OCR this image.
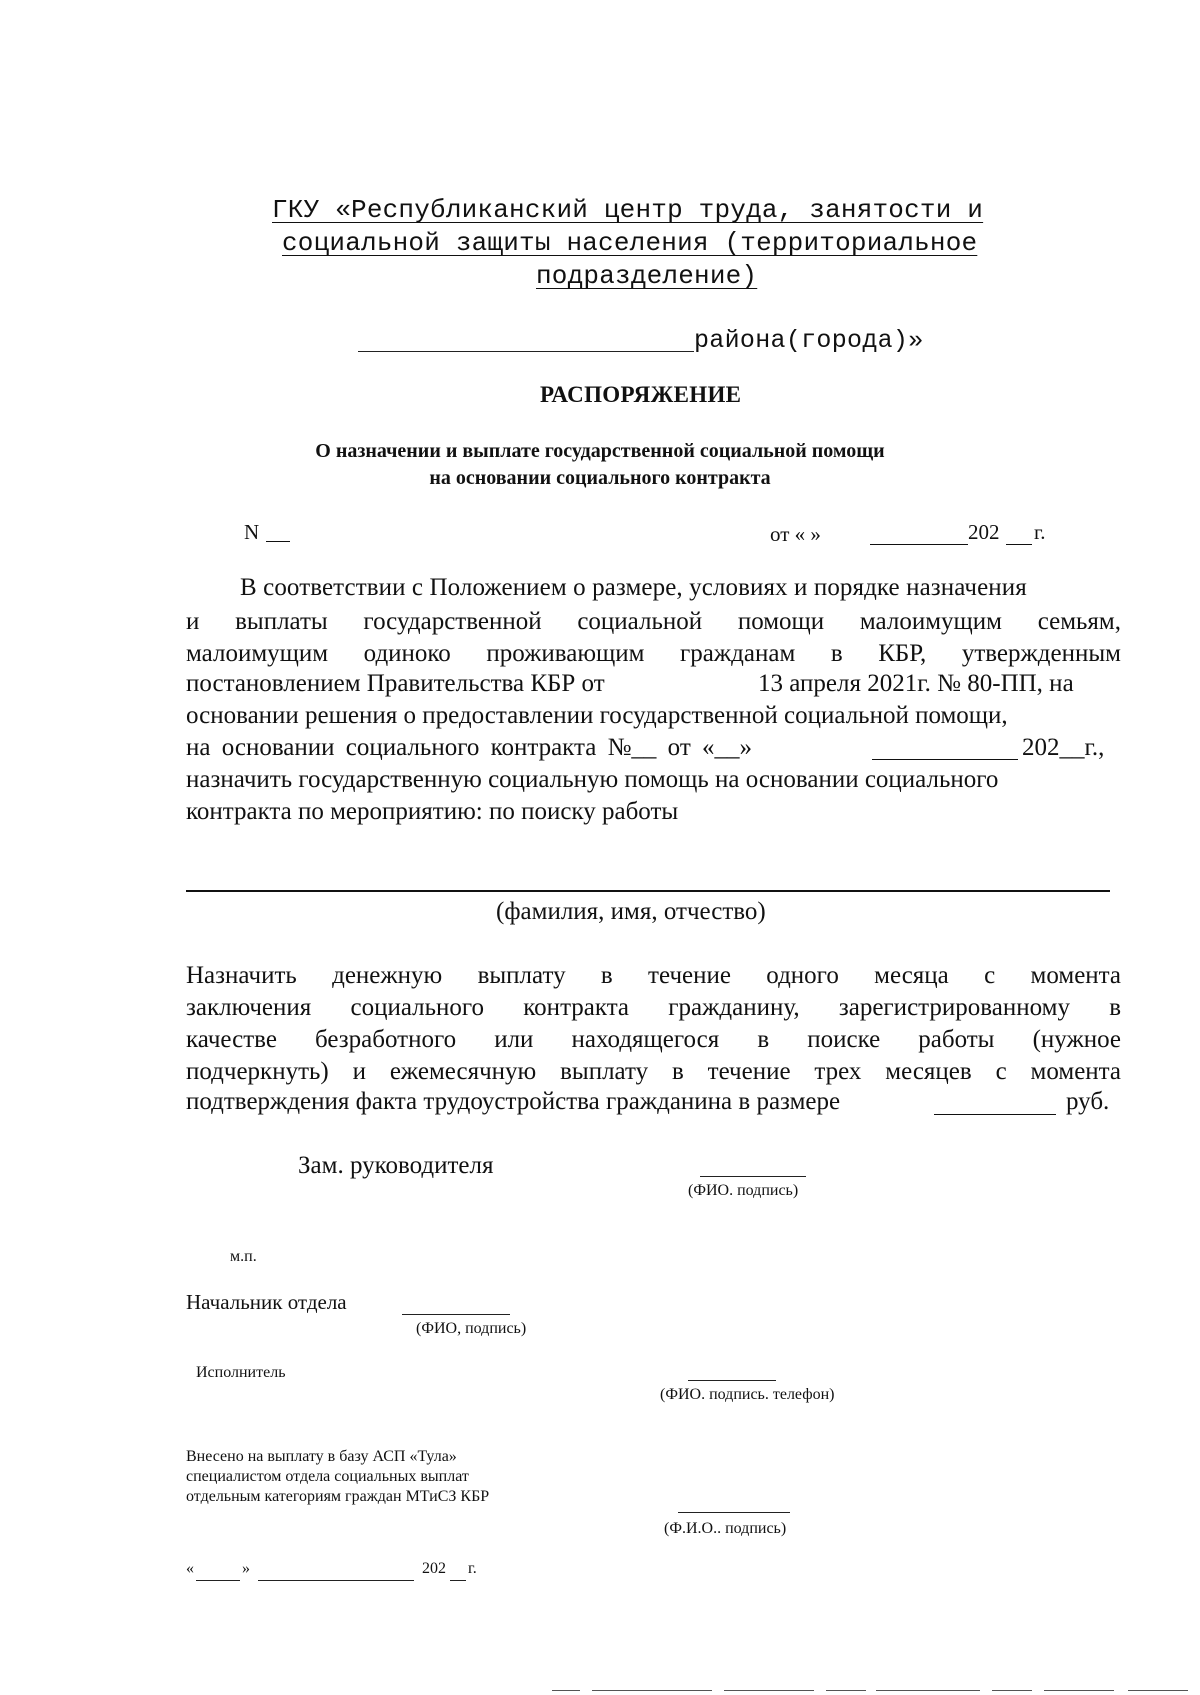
ГКУ «Республиканский центр труда, занятости и
социальной защиты населения (территориальное
подразделение)
района(города)»
РАСПОРЯЖЕНИЕ
О назначении и выплате государственной социальной помощи
на основании социального контракта
N	от « »	202 г.
В соответствии с Положением о размере, условиях и порядке назначения
и выплаты государственной социальной помощи малоимущим семьям,
малоимущим одиноко проживающим гражданам в КБР, утвержденным
постановлением Правительства КБР от	13 апреля 2021г. № 80-ПП, на
основании решения о предоставлении государственной социальной помощи,
на основании социального контракта №__ от «__»	202__г.,
назначить государственную социальную помощь на основании социального
контракта по мероприятию: по поиску работы
(фамилия, имя, отчество)
Назначить денежную выплату в течение одного месяца с момента
заключения социального контракта гражданину, зарегистрированному в
качестве безработного или находящегося в поиске работы (нужное
подчеркнуть) и ежемесячную выплату в течение трех месяцев с момента
подтверждения факта трудоустройства гражданина в размере	руб.
Зам. руководителя
(ФИО. подпись)
м.п.
Начальник отдела
(ФИО, подпись)
Исполнитель
(ФИО. подпись. телефон)
Внесено на выплату в базу АСП «Тула»
специалистом отдела социальных выплат
отдельным категориям граждан МТиСЗ КБР
(Ф.И.О.. подпись)
«	»	202 г.
